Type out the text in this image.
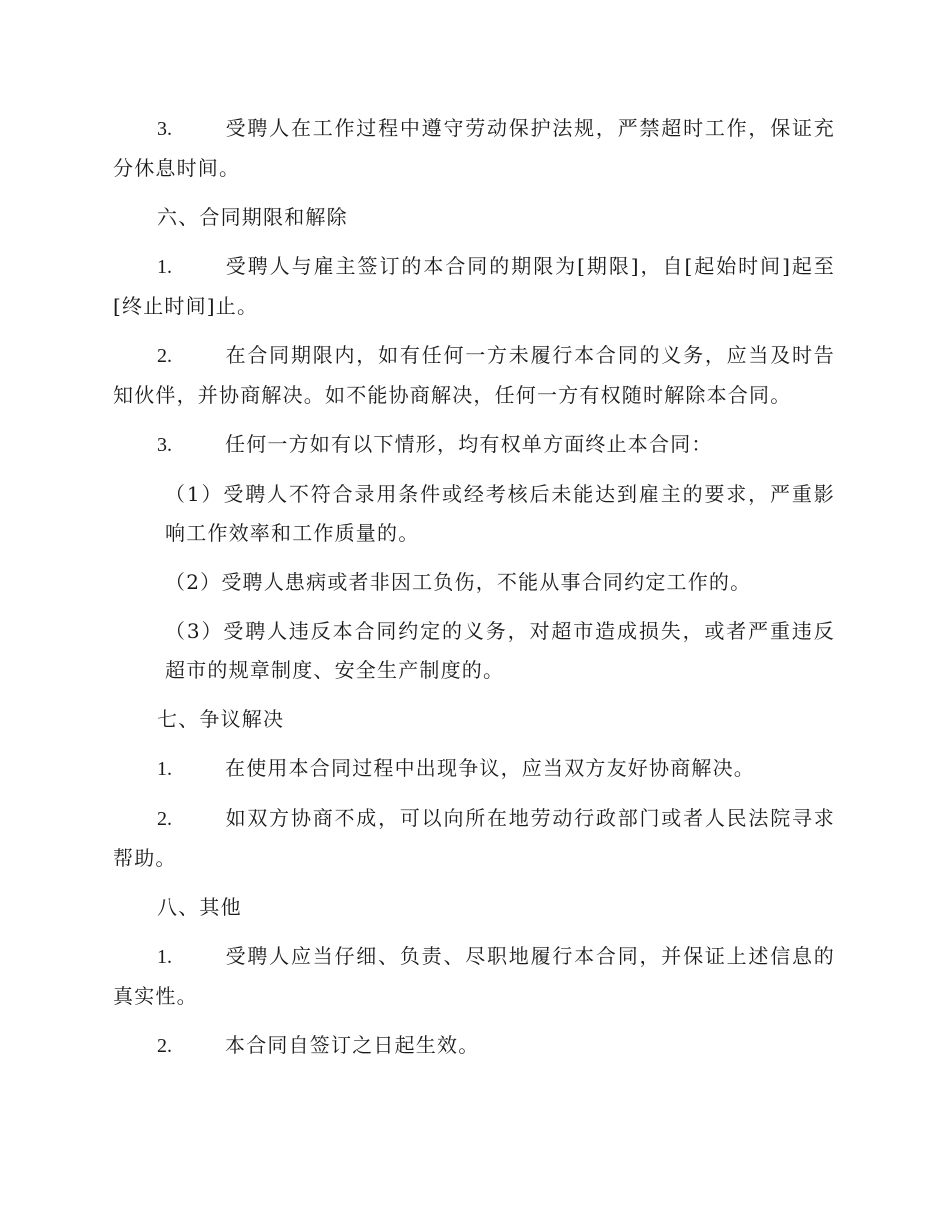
3.	受聘人在工作过程中遵守劳动保护法规，严禁超时工作，保证充分休息时间。

六、合同期限和解除

1.	受聘人与雇主签订的本合同的期限为[期限]，自[起始时间]起至[终止时间]止。

2.	在合同期限内，如有任何一方未履行本合同的义务，应当及时告知伙伴，并协商解决。如不能协商解决，任何一方有权随时解除本合同。

3.	任何一方如有以下情形，均有权单方面终止本合同：

（1）受聘人不符合录用条件或经考核后未能达到雇主的要求，严重影响工作效率和工作质量的。

（2）受聘人患病或者非因工负伤，不能从事合同约定工作的。

（3）受聘人违反本合同约定的义务，对超市造成损失，或者严重违反超市的规章制度、安全生产制度的。

七、争议解决

1.	在使用本合同过程中出现争议，应当双方友好协商解决。

2.	如双方协商不成，可以向所在地劳动行政部门或者人民法院寻求帮助。

八、其他

1.	受聘人应当仔细、负责、尽职地履行本合同，并保证上述信息的真实性。

2.	本合同自签订之日起生效。
